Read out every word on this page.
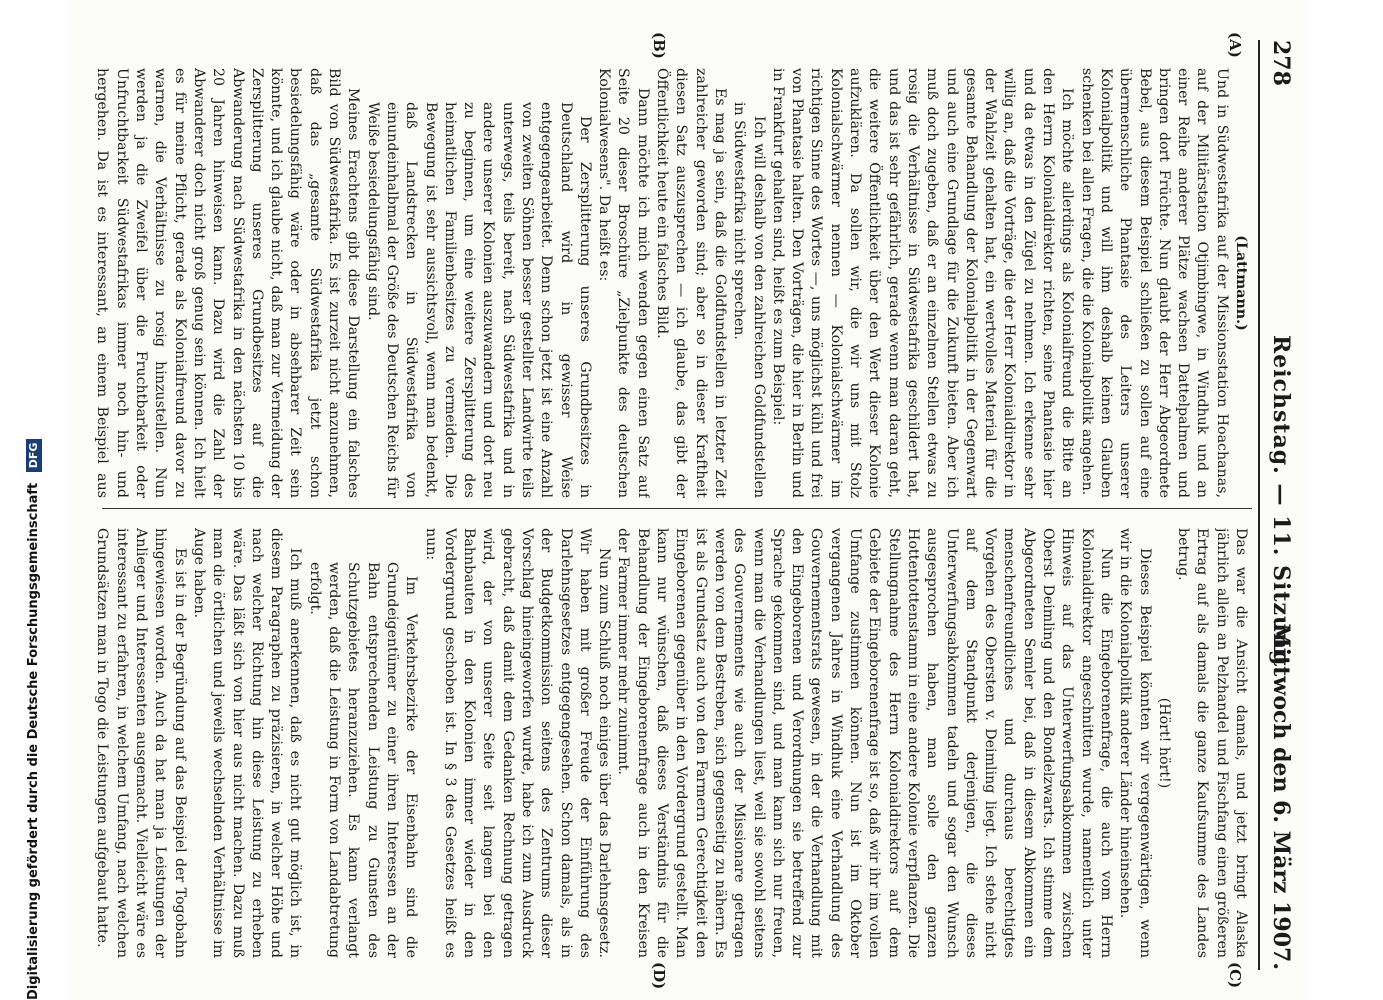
278
Reichstag. — 11. Sitzung.
Mittwoch den 6. März 1907.
(A)
(B)
(C)
(D)

(Lattmann.)

Und in Südwestafrika auf der Missionsstation Hoachanas, auf der Militärstation Otjimbingwe, in Windhuk und an einer Reihe anderer Plätze wachsen Dattelpalmen und bringen dort Früchte. Nun glaubt der Herr Abgeordnete Bebel, aus diesem Beispiel schließen zu sollen auf eine übermenschliche Phantasie des Leiters unserer Kolonialpolitik und will ihm deshalb keinen Glauben schenken bei allen Fragen, die die Kolonialpolitik angehen.

Ich möchte allerdings als Kolonialfreund die Bitte an den Herrn Kolonialdirektor richten, seine Phantasie hier und da etwas in den Zügel zu nehmen. Ich erkenne sehr willig an, daß die Vorträge, die der Herr Kolonialdirektor in der Wahlzeit gehalten hat, ein wertvolles Material für die gesamte Behandlung der Kolonialpolitik in der Gegenwart und auch eine Grundlage für die Zukunft bieten. Aber ich muß doch zugeben, daß er an einzelnen Stellen etwas zu rosig die Verhältnisse in Südwestafrika geschildert hat, und das ist sehr gefährlich, gerade wenn man daran geht, die weitere Öffentlichkeit über den Wert dieser Kolonie aufzuklären. Da sollen wir, die wir uns mit Stolz Kolonialschwärmer nennen — Kolonialschwärmer im richtigen Sinne des Wortes —, uns möglichst kühl und frei von Phantasie halten. Den Vorträgen, die hier in Berlin und in Frankfurt gehalten sind, heißt es zum Beispiel:

Ich will deshalb von den zahlreichen Goldfundstellen in Südwestafrika nicht sprechen.

Es mag ja sein, daß die Goldfundstellen in letzter Zeit zahlreicher geworden sind; aber so in dieser Kraftheit diesen Satz auszusprechen — ich glaube, das gibt der Öffentlichkeit heute ein falsches Bild.

Dann möchte ich mich wenden gegen einen Satz auf Seite 20 dieser Broschüre „Zielpunkte des deutschen Kolonialwesens". Da heißt es:

Der Zersplitterung unseres Grundbesitzes in Deutschland wird in gewisser Weise entgegengearbeitet. Denn schon jetzt ist eine Anzahl von zweiten Söhnen besser gestellter Landwirte teils unterwegs, teils bereit, nach Südwestafrika und in andere unserer Kolonien auszuwandern und dort neu zu beginnen, um eine weitere Zersplitterung des heimatlichen Familienbesitzes zu vermeiden. Die Bewegung ist sehr aussichtsvoll, wenn man bedenkt, daß Landstrecken in Südwestafrika von einundeinhalbmal der Größe des Deutschen Reichs für Weiße besiedelungsfähig sind.

Meines Erachtens gibt diese Darstellung ein falsches Bild von Südwestafrika. Es ist zurzeit nicht anzunehmen, daß das „gesamte Südwestafrika jetzt schon besiedelungsfähig wäre oder in absehbarer Zeit sein könnte, und ich glaube nicht, daß man zur Vermeidung der Zersplitterung unseres Grundbesitzes auf die Abwanderung nach Südwestafrika in den nächsten 10 bis 20 Jahren hinweisen kann. Dazu wird die Zahl der Abwanderer doch nicht groß genug sein können. Ich hielt es für meine Pflicht, gerade als Kolonialfreund davor zu warnen, die Verhältnisse zu rosig hinzustellen. Nun werden ja die Zweifel über die Fruchtbarkeit oder Unfruchtbarkeit Südwestafrikas immer noch hin- und hergehen. Da ist es interessant, an einem Beispiel aus

Das war die Ansicht damals, und jetzt bringt Alaska jährlich allein an Pelzhandel und Fischfang einen größeren Ertrag auf als damals die ganze Kaufsumme des Landes betrug.

(Hört! hört!)

Dieses Beispiel könnten wir vergegenwärtigen, wenn wir in die Kolonialpolitik anderer Länder hineinsehen.

Nun die Eingeborenenfrage, die auch vom Herrn Kolonialdirektor angeschnitten wurde, namentlich unter Hinweis auf das Unterwerfungsabkommen zwischen Oberst Deimling und den Bondelzwarts. Ich stimme dem Abgeordneten Semler bei, daß in diesem Abkommen ein menschenfreundliches und durchaus berechtigtes Vorgehen des Obersten v. Deimling liegt. Ich stehe nicht auf dem Standpunkt derjenigen, die dieses Unterwerfungsabkommen tadeln und sogar den Wunsch ausgesprochen haben, man solle den ganzen Hottentottenstamm in eine andere Kolonie verpflanzen. Die Stellungnahme des Herrn Kolonialdirektors auf dem Gebiete der Eingeborenenfrage ist so, daß wir ihr im vollen Umfange zustimmen können. Nun ist im Oktober vergangenen Jahres in Windhuk eine Verhandlung des Gouvernementsrats gewesen, in der die Verhandlung mit den Eingeborenen und Verordnungen sie betreffend zur Sprache gekommen sind, und man kann sich nur freuen, wenn man die Verhandlungen liest, weil sie sowohl seitens des Gouvernements wie auch der Missionare getragen werden von dem Bestreben, sich gegenseitig zu nähern. Es ist als Grundsatz auch von den Farmern Gerechtigkeit den Eingeborenen gegenüber in den Vordergrund gestellt. Man kann nur wünschen, daß dieses Verständnis für die Behandlung der Eingeborenenfrage auch in den Kreisen der Farmer immer mehr zunimmt.

Nun zum Schluß noch einiges über das Darlehnsgesetz. Wir haben mit großer Freude der Einführung des Darlehnsgesetzes entgegengesehen. Schon damals, als in der Budgetkommission seitens des Zentrums dieser Vorschlag hineingeworfen wurde, habe ich zum Ausdruck gebracht, daß damit dem Gedanken Rechnung getragen wird, der von unserer Seite seit langem bei den Bahnbauten in den Kolonien immer wieder in den Vordergrund geschoben ist. In § 3 des Gesetzes heißt es nun:

Im Verkehrsbezirke der Eisenbahn sind die Grundeigentümer zu einer ihren Interessen an der Bahn entsprechenden Leistung zu Gunsten des Schutzgebietes heranzuziehen. Es kann verlangt werden, daß die Leistung in Form von Landabtretung erfolgt.

Ich muß anerkennen, daß es nicht gut möglich ist, in diesem Paragraphen zu präzisieren, in welcher Höhe und nach welcher Richtung hin diese Leistung zu erheben wäre. Das läßt sich von hier aus nicht machen. Dazu muß man die örtlichen und jeweils wechselnden Verhältnisse im Auge haben.

Es ist in der Begründung auf das Beispiel der Togobahn hingewiesen worden. Auch da hat man ja Leistungen der Anlieger und Interessenten ausgemacht. Vielleicht wäre es interessant zu erfahren, in welchem Umfang, nach welchen Grundsätzen man in Togo die Leistungen aufgebaut hatte.

Digitalisierung gefördert durch die Deutsche Forschungsgemeinschaft DFG
